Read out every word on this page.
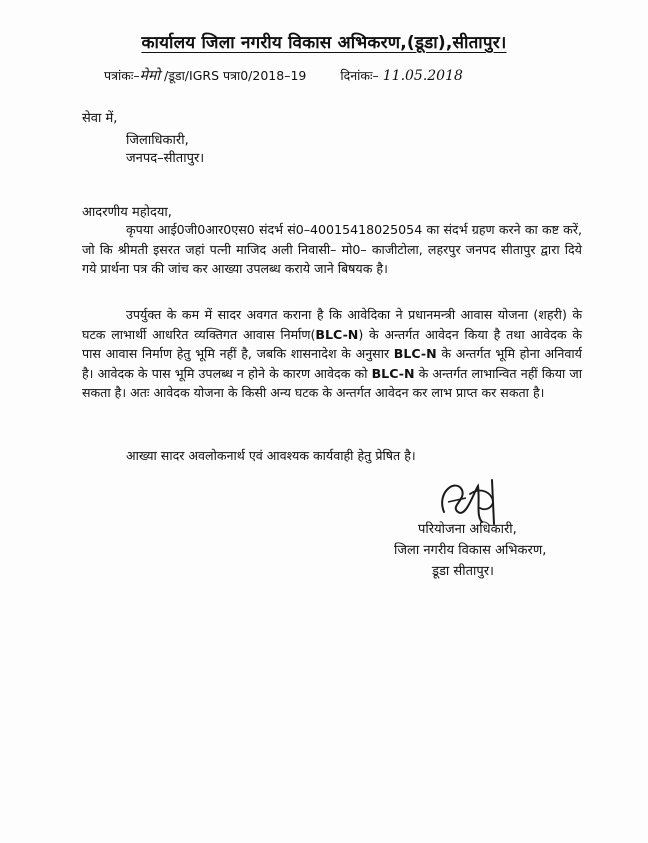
कार्यालय जिला नगरीय विकास अभिकरण,(डूडा),सीतापुर।
पत्रांकः–मेमो /डूडा/IGRS पत्रा0/2018–19	दिनांकः– 11.05.2018
सेवा में,
जिलाधिकारी,
जनपद–सीतापुर।
आदरणीय महोदया,
कृपया आई0जी0आर0एस0 संदर्भ सं0–40015418025054 का संदर्भ ग्रहण करने का कष्ट करें, जो कि श्रीमती इसरत जहां पत्नी माजिद अली निवासी– मो0– काजीटोला, लहरपुर जनपद सीतापुर द्वारा दिये गये प्रार्थना पत्र की जांच कर आख्या उपलब्ध कराये जाने बिषयक है।
उपर्युक्त के कम में सादर अवगत कराना है कि आवेदिका ने प्रधानमन्त्री आवास योजना (शहरी) के घटक लाभार्थी आधरित व्यक्तिगत आवास निर्माण(BLC-N) के अन्तर्गत आवेदन किया है तथा आवेदक के पास आवास निर्माण हेतु भूमि नहीं है, जबकि शासनादेश के अनुसार BLC-N के अन्तर्गत भूमि होना अनिवार्य है। आवेदक के पास भूमि उपलब्ध न होने के कारण आवेदक को BLC-N के अन्तर्गत लाभान्वित नहीं किया जा सकता है। अतः आवेदक योजना के किसी अन्य घटक के अन्तर्गत आवेदन कर लाभ प्राप्त कर सकता है।
आख्या सादर अवलोकनार्थ एवं आवश्यक कार्यवाही हेतु प्रेषित है।
परियोजना अधिकारी,
जिला नगरीय विकास अभिकरण,
डूडा सीतापुर।
